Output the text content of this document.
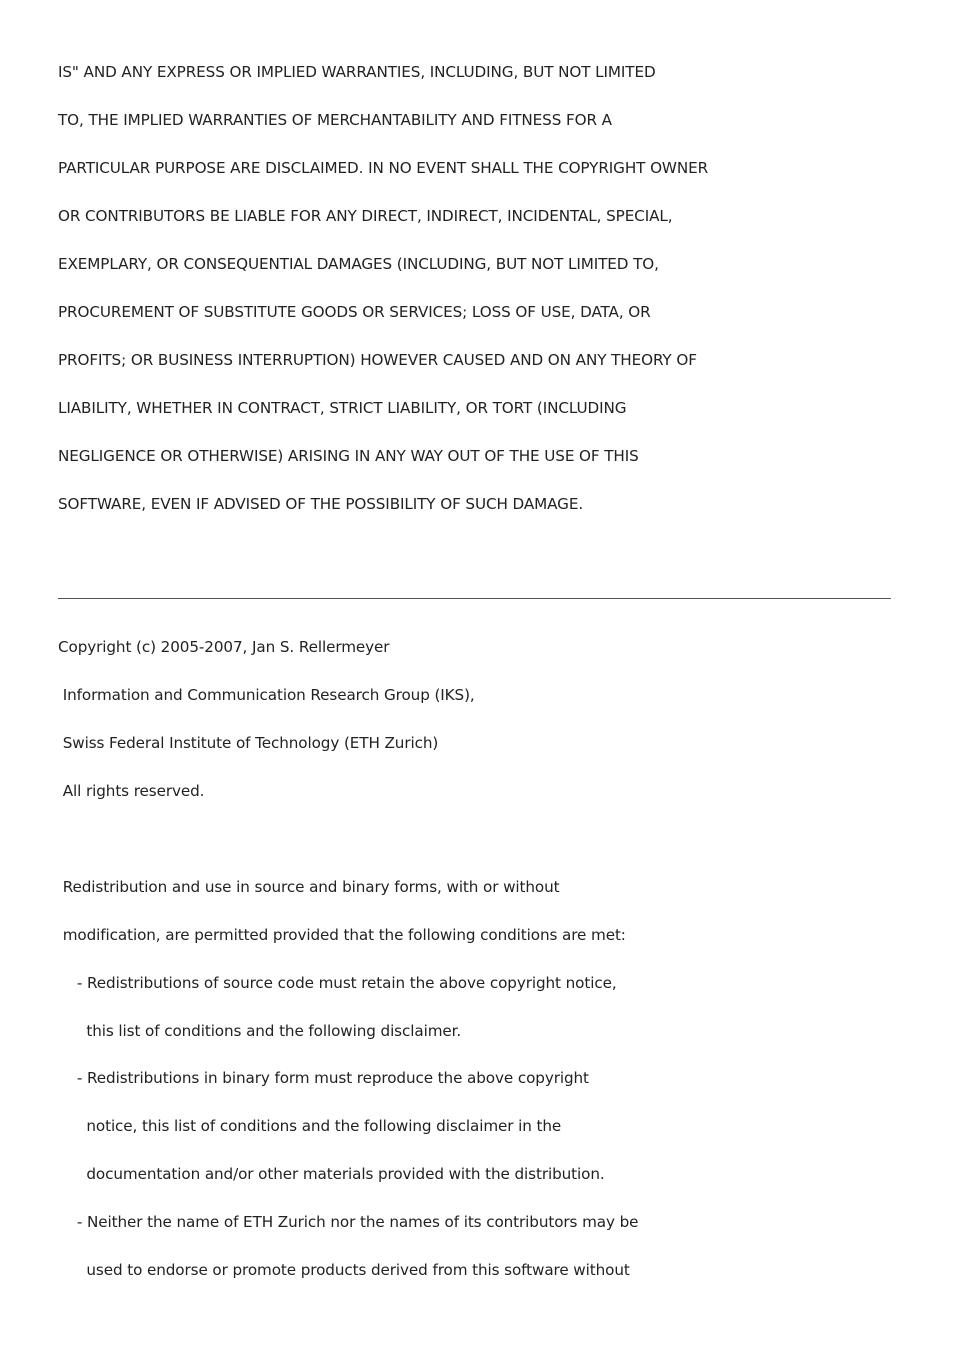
IS" AND ANY EXPRESS OR IMPLIED WARRANTIES, INCLUDING, BUT NOT LIMITED
TO, THE IMPLIED WARRANTIES OF MERCHANTABILITY AND FITNESS FOR A
PARTICULAR PURPOSE ARE DISCLAIMED. IN NO EVENT SHALL THE COPYRIGHT OWNER
OR CONTRIBUTORS BE LIABLE FOR ANY DIRECT, INDIRECT, INCIDENTAL, SPECIAL,
EXEMPLARY, OR CONSEQUENTIAL DAMAGES (INCLUDING, BUT NOT LIMITED TO,
PROCUREMENT OF SUBSTITUTE GOODS OR SERVICES; LOSS OF USE, DATA, OR
PROFITS; OR BUSINESS INTERRUPTION) HOWEVER CAUSED AND ON ANY THEORY OF
LIABILITY, WHETHER IN CONTRACT, STRICT LIABILITY, OR TORT (INCLUDING
NEGLIGENCE OR OTHERWISE) ARISING IN ANY WAY OUT OF THE USE OF THIS
SOFTWARE, EVEN IF ADVISED OF THE POSSIBILITY OF SUCH DAMAGE.
Copyright (c) 2005-2007, Jan S. Rellermeyer
Information and Communication Research Group (IKS),
Swiss Federal Institute of Technology (ETH Zurich)
All rights reserved.
Redistribution and use in source and binary forms, with or without
modification, are permitted provided that the following conditions are met:
- Redistributions of source code must retain the above copyright notice,
this list of conditions and the following disclaimer.
- Redistributions in binary form must reproduce the above copyright
notice, this list of conditions and the following disclaimer in the
documentation and/or other materials provided with the distribution.
- Neither the name of ETH Zurich nor the names of its contributors may be
used to endorse or promote products derived from this software without
